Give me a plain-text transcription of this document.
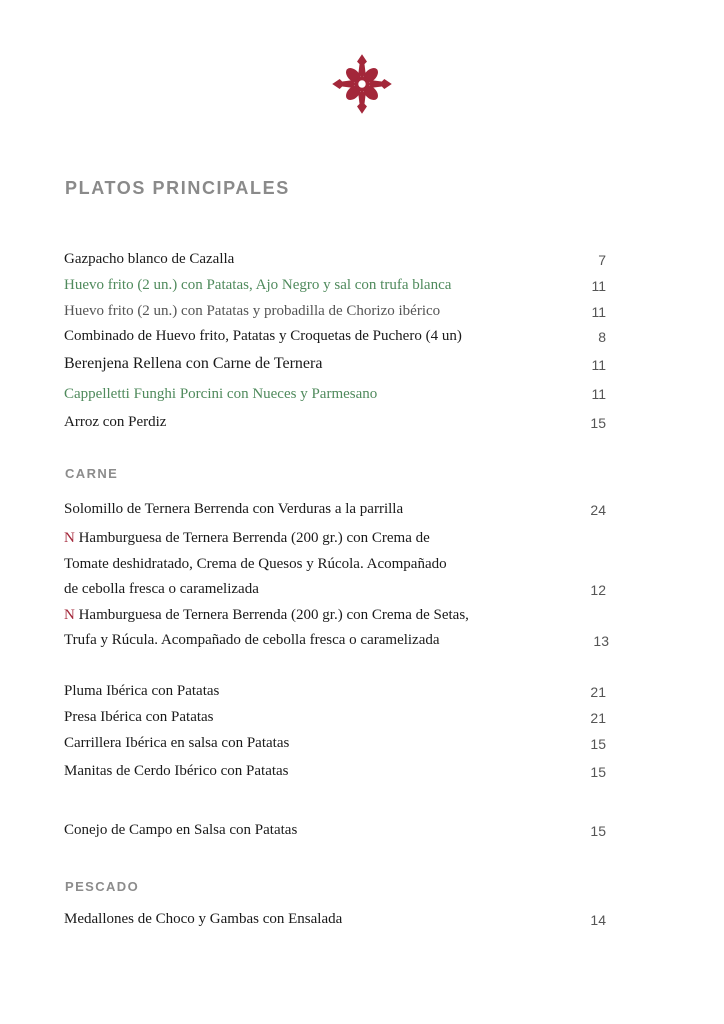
PLATOS PRINCIPALES
Gazpacho blanco de Cazalla	7
Huevo frito (2 un.) con Patatas, Ajo Negro y sal con trufa blanca	11
Huevo frito (2 un.) con Patatas y probadilla de Chorizo ibérico	11
Combinado de Huevo frito, Patatas y Croquetas de Puchero (4 un)	8
Berenjena Rellena con Carne de Ternera	11
Cappelletti Funghi Porcini con Nueces y Parmesano	11
Arroz con Perdiz	15
CARNE
Solomillo de Ternera Berrenda con Verduras a la parrilla	24
N Hamburguesa de Ternera Berrenda (200 gr.) con Crema de
Tomate deshidratado, Crema de Quesos y Rúcola. Acompañado
de cebolla fresca o caramelizada	12
N Hamburguesa de Ternera Berrenda (200 gr.) con Crema de Setas,
Trufa y Rúcula. Acompañado de cebolla fresca o caramelizada	13
Pluma Ibérica con Patatas	21
Presa Ibérica con Patatas	21
Carrillera Ibérica en salsa con Patatas	15
Manitas de Cerdo Ibérico con Patatas	15
Conejo de Campo en Salsa con Patatas	15
PESCADO
Medallones de Choco y Gambas con Ensalada	14
